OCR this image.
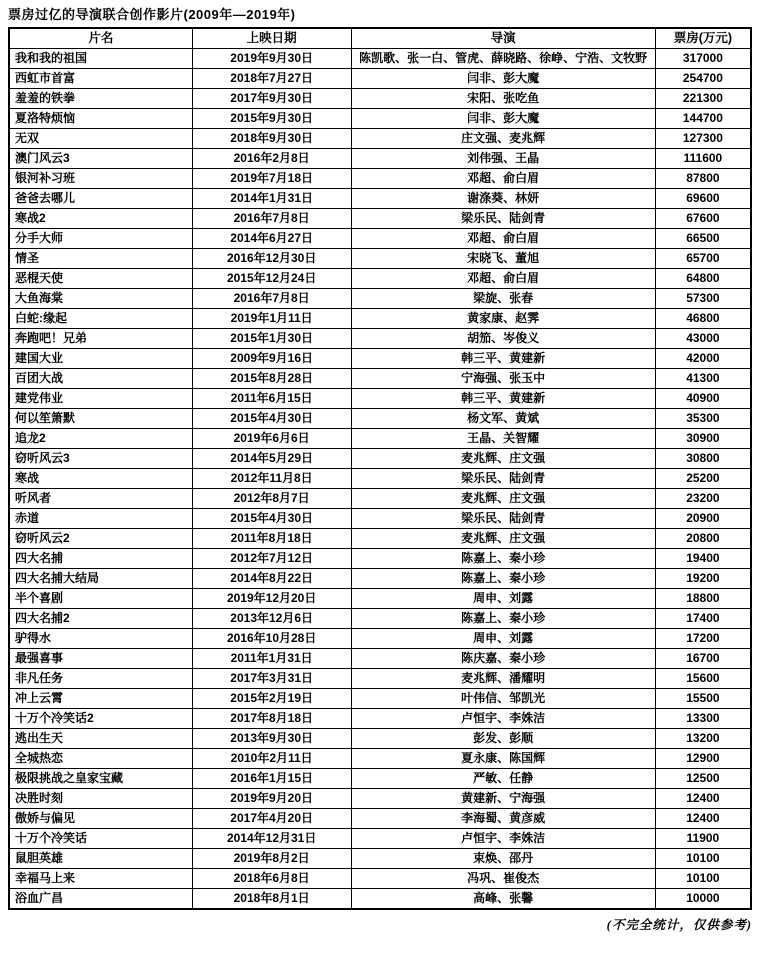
票房过亿的导演联合创作影片(2009年—2019年)
片名	上映日期	导演	票房(万元)
我和我的祖国	2019年9月30日	陈凯歌、张一白、管虎、薛晓路、徐峥、宁浩、文牧野	317000
西虹市首富	2018年7月27日	闫非、彭大魔	254700
羞羞的铁拳	2017年9月30日	宋阳、张吃鱼	221300
夏洛特烦恼	2015年9月30日	闫非、彭大魔	144700
无双	2018年9月30日	庄文强、麦兆辉	127300
澳门风云3	2016年2月8日	刘伟强、王晶	111600
银河补习班	2019年7月18日	邓超、俞白眉	87800
爸爸去哪儿	2014年1月31日	谢涤葵、林妍	69600
寒战2	2016年7月8日	梁乐民、陆剑青	67600
分手大师	2014年6月27日	邓超、俞白眉	66500
情圣	2016年12月30日	宋晓飞、董旭	65700
恶棍天使	2015年12月24日	邓超、俞白眉	64800
大鱼海棠	2016年7月8日	梁旋、张春	57300
白蛇:缘起	2019年1月11日	黄家康、赵霁	46800
奔跑吧！兄弟	2015年1月30日	胡笳、岑俊义	43000
建国大业	2009年9月16日	韩三平、黄建新	42000
百团大战	2015年8月28日	宁海强、张玉中	41300
建党伟业	2011年6月15日	韩三平、黄建新	40900
何以笙箫默	2015年4月30日	杨文军、黄斌	35300
追龙2	2019年6月6日	王晶、关智耀	30900
窃听风云3	2014年5月29日	麦兆辉、庄文强	30800
寒战	2012年11月8日	梁乐民、陆剑青	25200
听风者	2012年8月7日	麦兆辉、庄文强	23200
赤道	2015年4月30日	梁乐民、陆剑青	20900
窃听风云2	2011年8月18日	麦兆辉、庄文强	20800
四大名捕	2012年7月12日	陈嘉上、秦小珍	19400
四大名捕大结局	2014年8月22日	陈嘉上、秦小珍	19200
半个喜剧	2019年12月20日	周申、刘露	18800
四大名捕2	2013年12月6日	陈嘉上、秦小珍	17400
驴得水	2016年10月28日	周申、刘露	17200
最强喜事	2011年1月31日	陈庆嘉、秦小珍	16700
非凡任务	2017年3月31日	麦兆辉、潘耀明	15600
冲上云霄	2015年2月19日	叶伟信、邹凯光	15500
十万个冷笑话2	2017年8月18日	卢恒宇、李姝洁	13300
逃出生天	2013年9月30日	彭发、彭顺	13200
全城热恋	2010年2月11日	夏永康、陈国辉	12900
极限挑战之皇家宝藏	2016年1月15日	严敏、任静	12500
决胜时刻	2019年9月20日	黄建新、宁海强	12400
傲娇与偏见	2017年4月20日	李海蜀、黄彦威	12400
十万个冷笑话	2014年12月31日	卢恒宇、李姝洁	11900
鼠胆英雄	2019年8月2日	束焕、邵丹	10100
幸福马上来	2018年6月8日	冯巩、崔俊杰	10100
浴血广昌	2018年8月1日	高峰、张馨	10000
(不完全统计，仅供参考)
